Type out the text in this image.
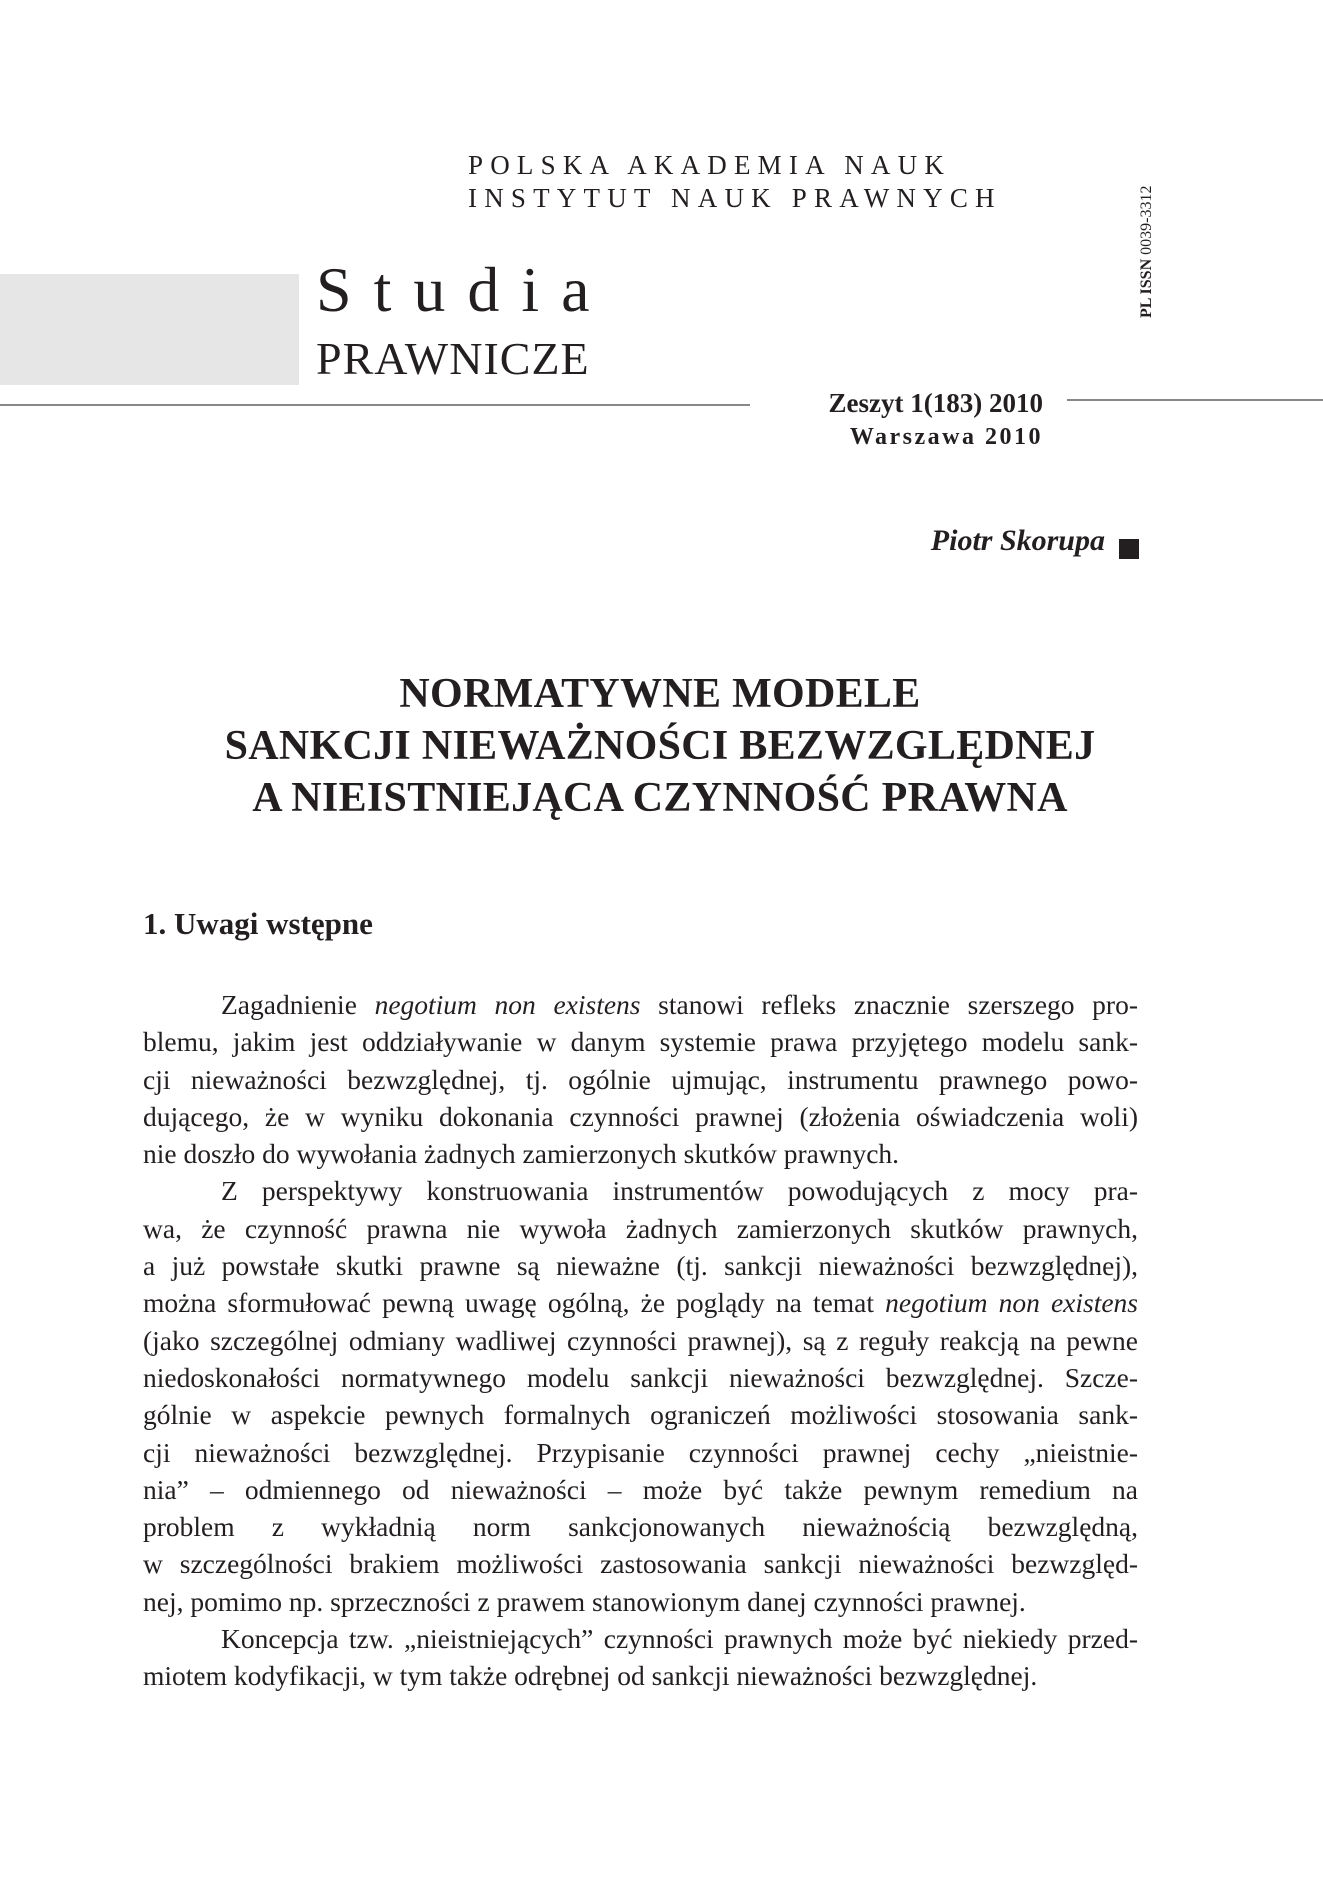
POLSKA AKADEMIA NAUK
INSTYTUT NAUK PRAWNYCH
PL ISSN 0039-3312
Studia
PRAWNICZE
Zeszyt 1(183) 2010
Warszawa 2010
Piotr Skorupa
NORMATYWNE MODELE
SANKCJI NIEWAŻNOŚCI BEZWZGLĘDNEJ
A NIEISTNIEJĄCA CZYNNOŚĆ PRAWNA
1. Uwagi wstępne
Zagadnienie negotium non existens stanowi refleks znacznie szerszego pro-
blemu, jakim jest oddziaływanie w danym systemie prawa przyjętego modelu sank-
cji nieważności bezwzględnej, tj. ogólnie ujmując, instrumentu prawnego powo-
dującego, że w wyniku dokonania czynności prawnej (złożenia oświadczenia woli)
nie doszło do wywołania żadnych zamierzonych skutków prawnych.
Z perspektywy konstruowania instrumentów powodujących z mocy pra-
wa, że czynność prawna nie wywoła żadnych zamierzonych skutków prawnych,
a już powstałe skutki prawne są nieważne (tj. sankcji nieważności bezwzględnej),
można sformułować pewną uwagę ogólną, że poglądy na temat negotium non existens
(jako szczególnej odmiany wadliwej czynności prawnej), są z reguły reakcją na pewne
niedoskonałości normatywnego modelu sankcji nieważności bezwzględnej. Szcze-
gólnie w aspekcie pewnych formalnych ograniczeń możliwości stosowania sank-
cji nieważności bezwzględnej. Przypisanie czynności prawnej cechy „nieistnie-
nia” – odmiennego od nieważności – może być także pewnym remedium na
problem z wykładnią norm sankcjonowanych nieważnością bezwzględną,
w szczególności brakiem możliwości zastosowania sankcji nieważności bezwzględ-
nej, pomimo np. sprzeczności z prawem stanowionym danej czynności prawnej.
Koncepcja tzw. „nieistniejących” czynności prawnych może być niekiedy przed-
miotem kodyfikacji, w tym także odrębnej od sankcji nieważności bezwzględnej.
